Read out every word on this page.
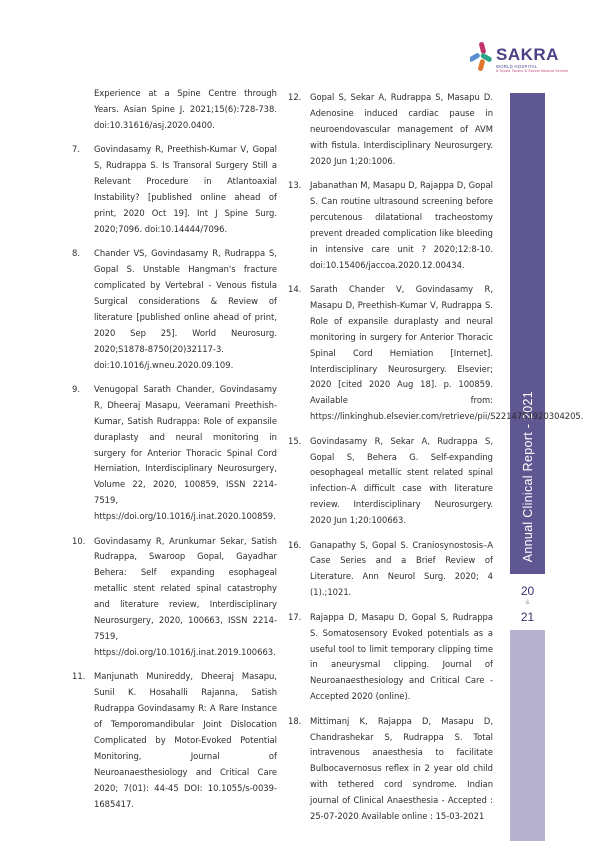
SAKRA
WORLD HOSPITAL
A Toyota Tsusho & Secom Medical Venture
Annual Clinical Report - 2021
20
&
21

Experience at a Spine Centre through Years. Asian Spine J. 2021;15(6):728-738. doi:10.31616/asj.2020.0400.

7. Govindasamy R, Preethish-Kumar V, Gopal S, Rudrappa S. Is Transoral Surgery Still a Relevant Procedure in Atlantoaxial Instability? [published online ahead of print, 2020 Oct 19]. Int J Spine Surg. 2020;7096. doi:10.14444/7096.

8. Chander VS, Govindasamy R, Rudrappa S, Gopal S. Unstable Hangman's fracture complicated by Vertebral - Venous fistula Surgical considerations & Review of literature [published online ahead of print, 2020 Sep 25]. World Neurosurg. 2020;S1878-8750(20)32117-3. doi:10.1016/j.wneu.2020.09.109.

9. Venugopal Sarath Chander, Govindasamy R, Dheeraj Masapu, Veeramani Preethish-Kumar, Satish Rudrappa: Role of expansile duraplasty and neural monitoring in surgery for Anterior Thoracic Spinal Cord Herniation, Interdisciplinary Neurosurgery, Volume 22, 2020, 100859, ISSN 2214-7519, https://doi.org/10.1016/j.inat.2020.100859.

10. Govindasamy R, Arunkumar Sekar, Satish Rudrappa, Swaroop Gopal, Gayadhar Behera: Self expanding esophageal metallic stent related spinal catastrophy and literature review, Interdisciplinary Neurosurgery, 2020, 100663, ISSN 2214-7519, https://doi.org/10.1016/j.inat.2019.100663.

11. Manjunath Munireddy, Dheeraj Masapu, Sunil K. Hosahalli Rajanna, Satish Rudrappa Govindasamy R: A Rare Instance of Temporomandibular Joint Dislocation Complicated by Motor-Evoked Potential Monitoring, Journal of Neuroanaesthesiology and Critical Care 2020; 7(01): 44-45 DOI: 10.1055/s-0039-1685417.

12. Gopal S, Sekar A, Rudrappa S, Masapu D. Adenosine induced cardiac pause in neuroendovascular management of AVM with fistula. Interdisciplinary Neurosurgery. 2020 Jun 1;20:1006.

13. Jabanathan M, Masapu D, Rajappa D, Gopal S. Can routine ultrasound screening before percutenous dilatational tracheostomy prevent dreaded complication like bleeding in intensive care unit ? 2020;12:8-10. doi:10.15406/jaccoa.2020.12.00434.

14. Sarath Chander V, Govindasamy R, Masapu D, Preethish-Kumar V, Rudrappa S. Role of expansile duraplasty and neural monitoring in surgery for Anterior Thoracic Spinal Cord Herniation [Internet]. Interdisciplinary Neurosurgery. Elsevier; 2020 [cited 2020 Aug 18]. p. 100859. Available from: https://linkinghub.elsevier.com/retrieve/pii/S2214751920304205.

15. Govindasamy R, Sekar A, Rudrappa S, Gopal S, Behera G. Self-expanding oesophageal metallic stent related spinal infection–A difficult case with literature review. Interdisciplinary Neurosurgery. 2020 Jun 1;20:100663.

16. Ganapathy S, Gopal S. Craniosynostosis–A Case Series and a Brief Review of Literature. Ann Neurol Surg. 2020; 4 (1).;1021.

17. Rajappa D, Masapu D, Gopal S, Rudrappa S. Somatosensory Evoked potentials as a useful tool to limit temporary clipping time in aneurysmal clipping. Journal of Neuroanaesthesiology and Critical Care - Accepted 2020 (online).

18. Mittimanj K, Rajappa D, Masapu D, Chandrashekar S, Rudrappa S. Total intravenous anaesthesia to facilitate Bulbocavernosus reflex in 2 year old child with tethered cord syndrome. Indian journal of Clinical Anaesthesia - Accepted : 25-07-2020 Available online : 15-03-2021
